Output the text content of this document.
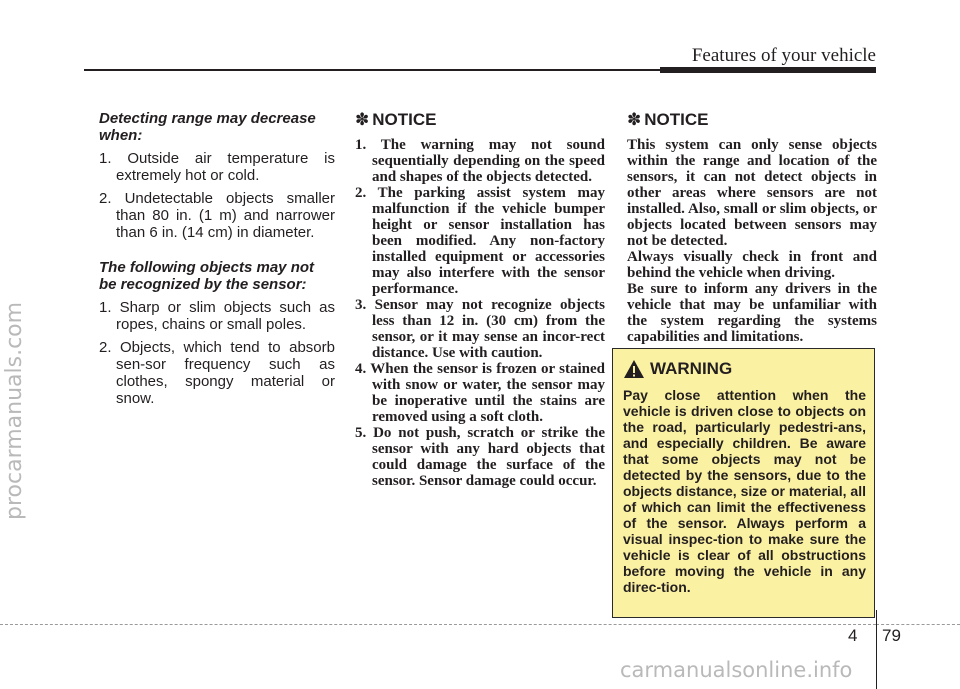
procarmanuals.com
Features of your vehicle

Detecting range may decrease when:

1. Outside air temperature is extremely hot or cold.

2. Undetectable objects smaller than 80 in. (1 m) and narrower than 6 in. (14 cm) in diameter.

The following objects may not be recognized by the sensor:

1. Sharp or slim objects such as ropes, chains or small poles.

2. Objects, which tend to absorb sen-sor frequency such as clothes, spongy material or snow.

✽ NOTICE

1. The warning may not sound sequentially depending on the speed and shapes of the objects detected.

2. The parking assist system may malfunction if the vehicle bumper height or sensor installation has been modified. Any non-factory installed equipment or accessories may also interfere with the sensor performance.

3. Sensor may not recognize objects less than 12 in. (30 cm) from the sensor, or it may sense an incor-rect distance. Use with caution.

4. When the sensor is frozen or stained with snow or water, the sensor may be inoperative until the stains are removed using a soft cloth.

5. Do not push, scratch or strike the sensor with any hard objects that could damage the surface of the sensor. Sensor damage could occur.

✽ NOTICE

This system can only sense objects within the range and location of the sensors, it can not detect objects in other areas where sensors are not installed. Also, small or slim objects, or objects located between sensors may not be detected.

Always visually check in front and behind the vehicle when driving.

Be sure to inform any drivers in the vehicle that may be unfamiliar with the system regarding the systems capabilities and limitations.

WARNING
Pay close attention when the vehicle is driven close to objects on the road, particularly pedestri-ans, and especially children. Be aware that some objects may not be detected by the sensors, due to the objects distance, size or material, all of which can limit the effectiveness of the sensor. Always perform a visual inspec-tion to make sure the vehicle is clear of all obstructions before moving the vehicle in any direc-tion.
4 79
carmanualsonline.info
